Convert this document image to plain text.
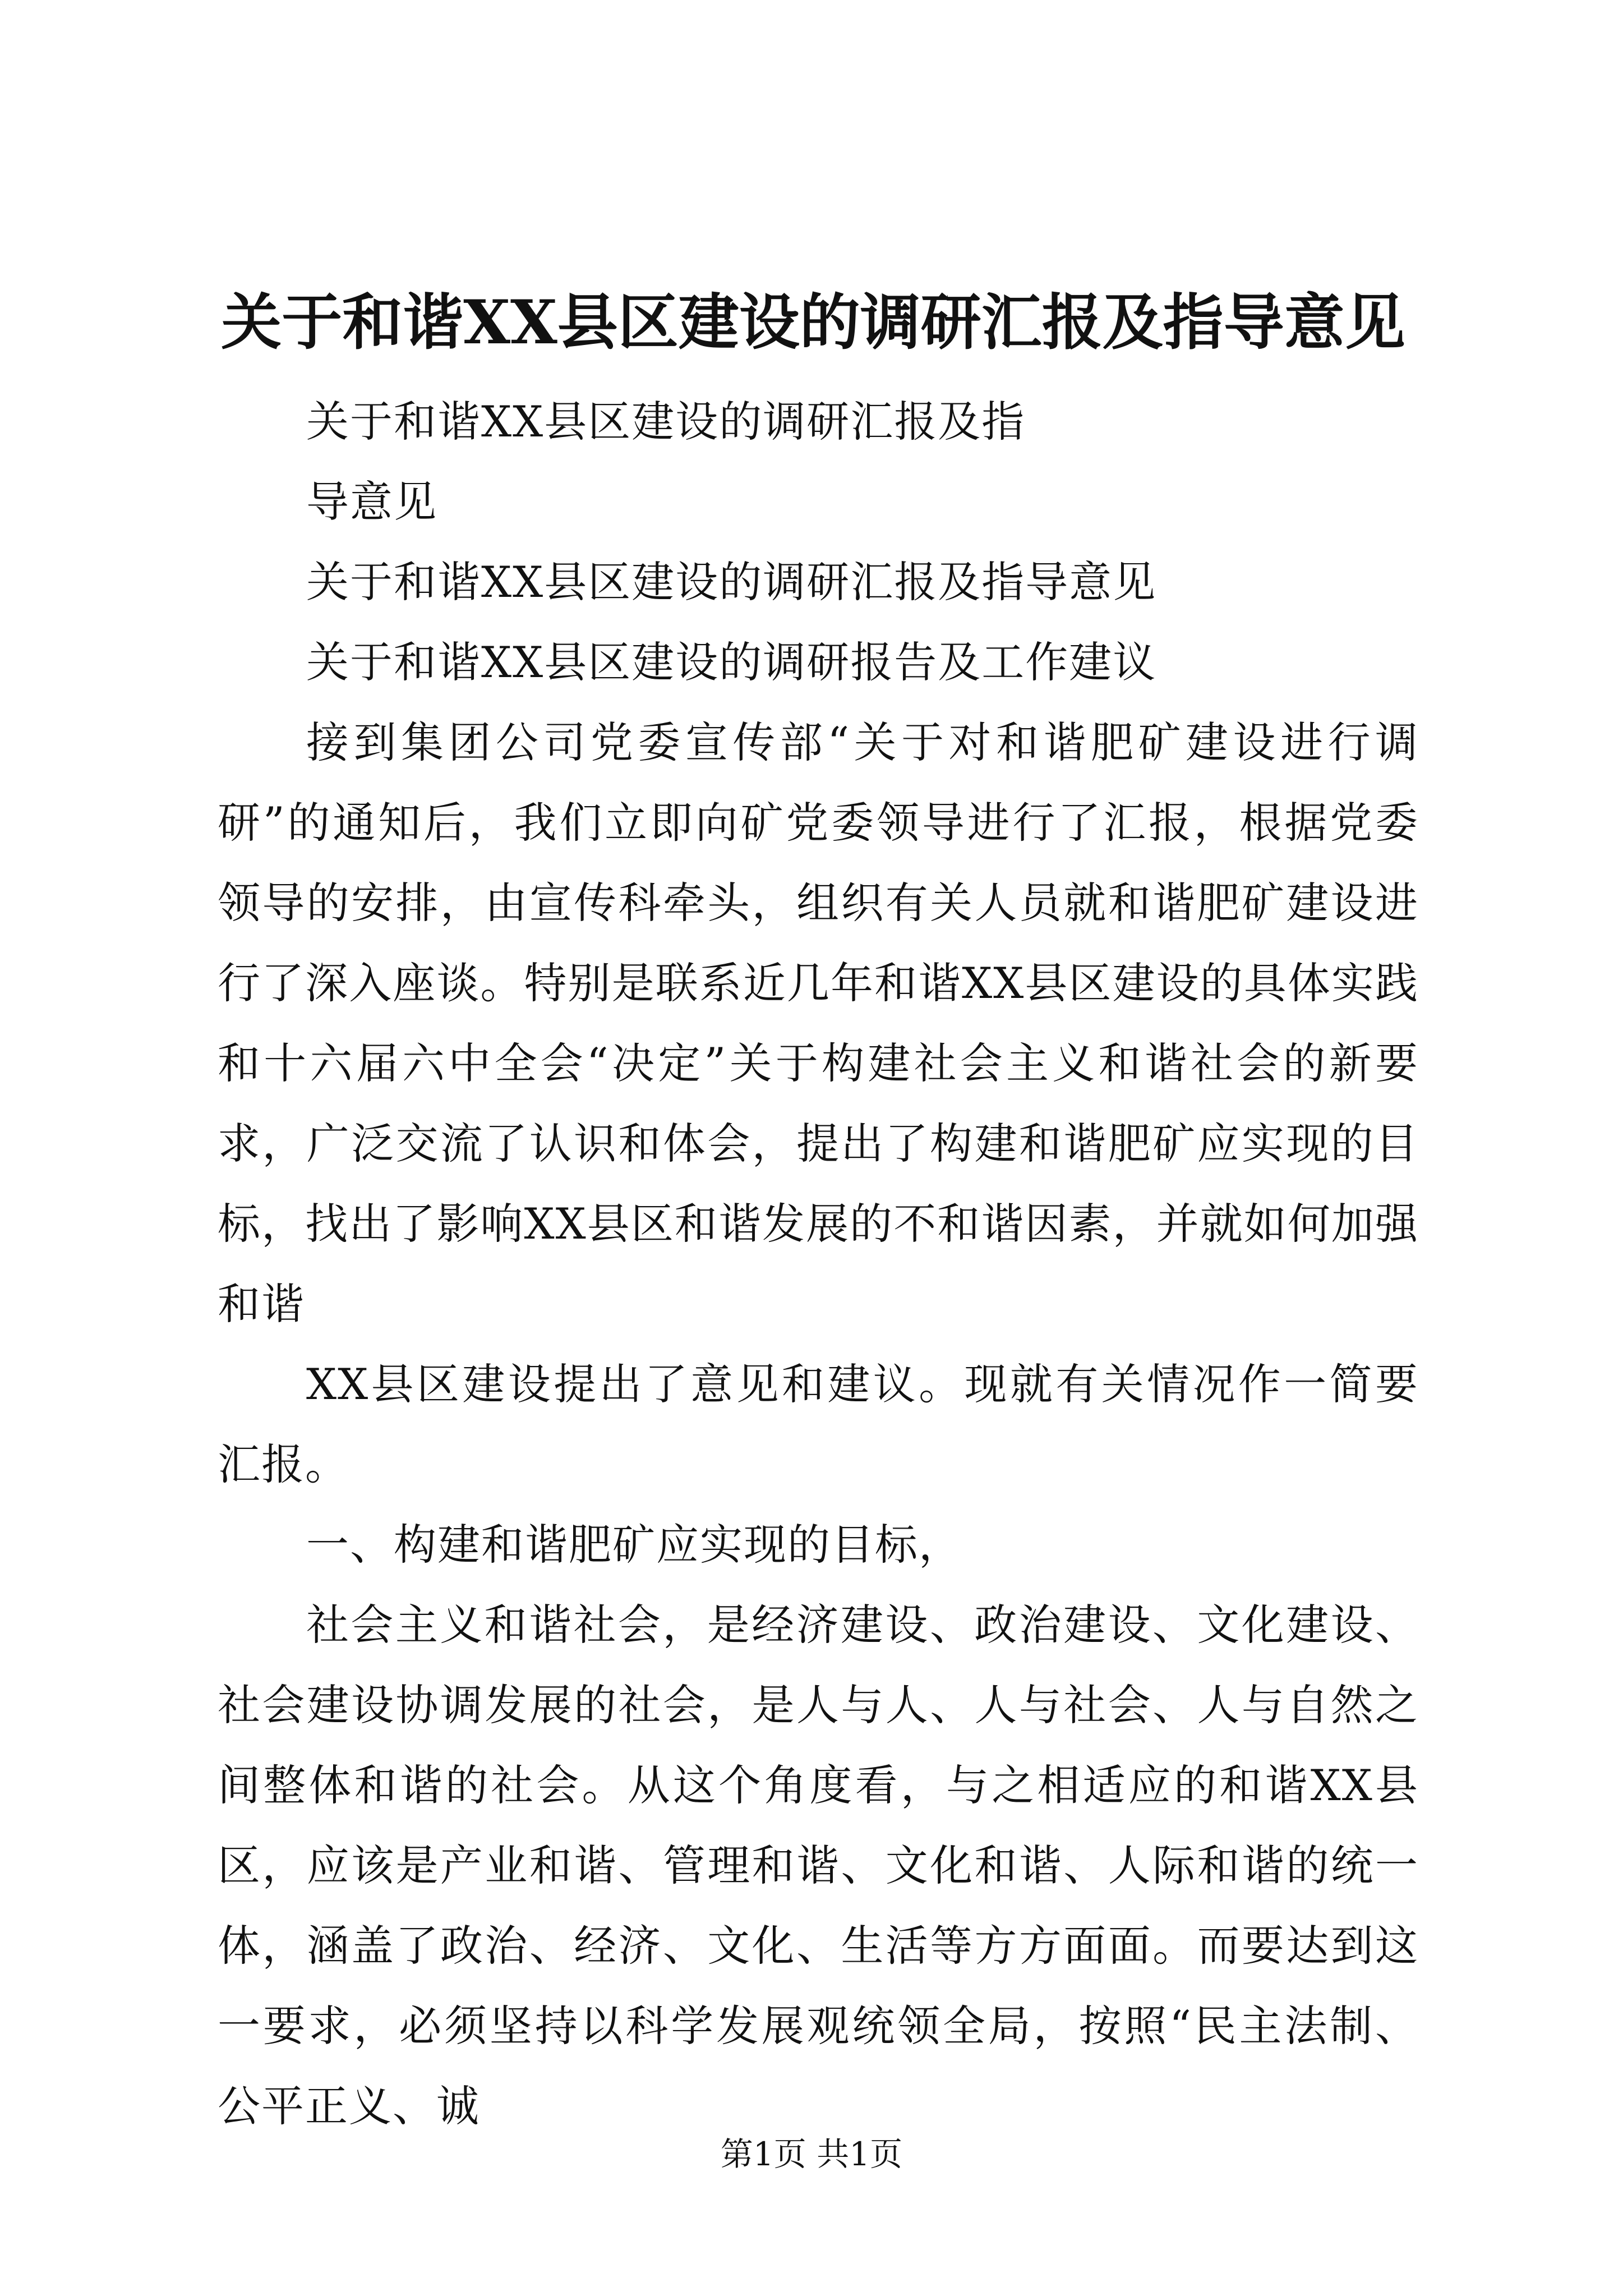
关于和谐XX县区建设的调研汇报及指导意见

关于和谐XX县区建设的调研汇报及指

导意见

关于和谐XX县区建设的调研汇报及指导意见

关于和谐XX县区建设的调研报告及工作建议

接到集团公司党委宣传部“关于对和谐肥矿建设进行调研”的通知后，我们立即向矿党委领导进行了汇报，根据党委领导的安排，由宣传科牵头，组织有关人员就和谐肥矿建设进行了深入座谈。特别是联系近几年和谐XX县区建设的具体实践和十六届六中全会“决定”关于构建社会主义和谐社会的新要求，广泛交流了认识和体会，提出了构建和谐肥矿应实现的目标，找出了影响XX县区和谐发展的不和谐因素，并就如何加强和谐

XX县区建设提出了意见和建议。现就有关情况作一简要汇报。

一、构建和谐肥矿应实现的目标，

社会主义和谐社会，是经济建设、政治建设、文化建设、社会建设协调发展的社会，是人与人、人与社会、人与自然之间整体和谐的社会。从这个角度看，与之相适应的和谐XX县区，应该是产业和谐、管理和谐、文化和谐、人际和谐的统一体，涵盖了政治、经济、文化、生活等方方面面。而要达到这一要求，必须坚持以科学发展观统领全局，按照“民主法制、公平正义、诚

第1页 共1页
